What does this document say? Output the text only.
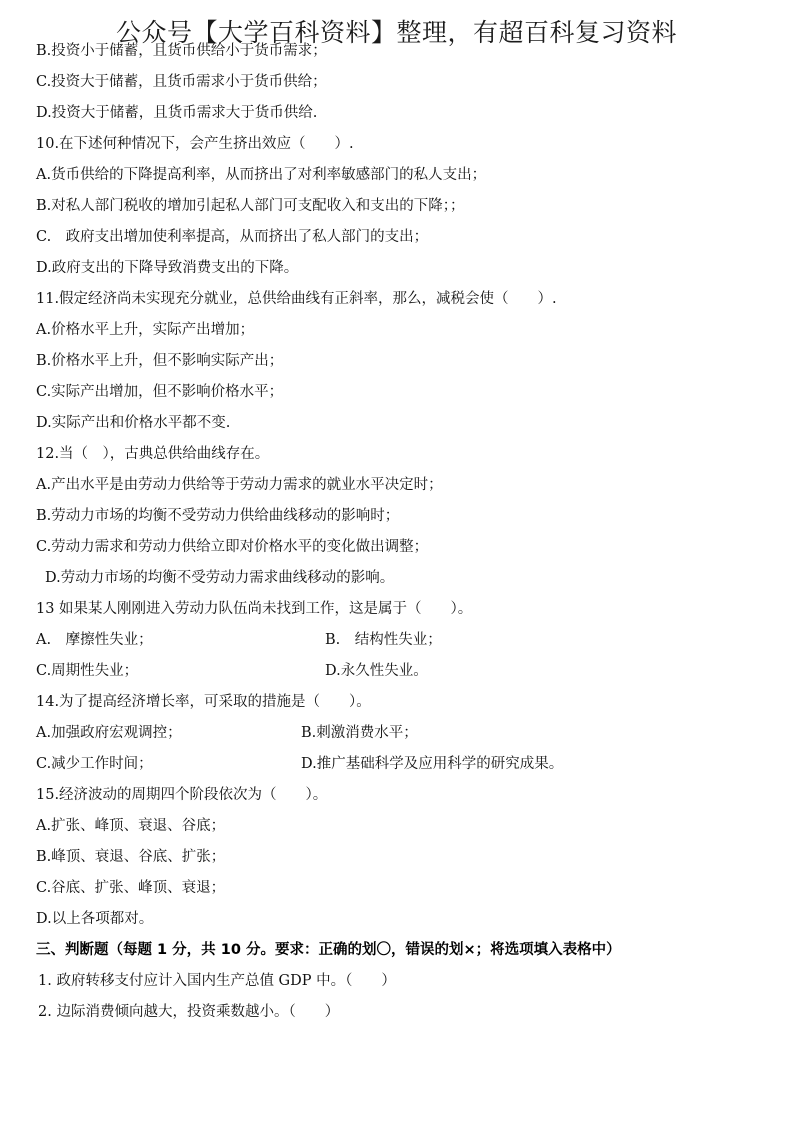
公众号【大学百科资料】整理，有超百科复习资料
B.投资小于储蓄，且货币供给小于货币需求；
C.投资大于储蓄，且货币需求小于货币供给；
D.投资大于储蓄，且货币需求大于货币供给.
10.在下述何种情况下，会产生挤出效应（　　）.
A.货币供给的下降提高利率，从而挤出了对利率敏感部门的私人支出；
B.对私人部门税收的增加引起私人部门可支配收入和支出的下降；；
C.　政府支出增加使利率提高，从而挤出了私人部门的支出；
D.政府支出的下降导致消费支出的下降。
11.假定经济尚未实现充分就业，总供给曲线有正斜率，那么，减税会使（　　）.
A.价格水平上升，实际产出增加；
B.价格水平上升，但不影响实际产出；
C.实际产出增加，但不影响价格水平；
D.实际产出和价格水平都不变.
12.当（　），古典总供给曲线存在。
A.产出水平是由劳动力供给等于劳动力需求的就业水平决定时；
B.劳动力市场的均衡不受劳动力供给曲线移动的影响时；
C.劳动力需求和劳动力供给立即对价格水平的变化做出调整；
D.劳动力市场的均衡不受劳动力需求曲线移动的影响。
13 如果某人刚刚进入劳动力队伍尚未找到工作，这是属于（　　）。
A.　摩擦性失业；	B.　结构性失业；
C.周期性失业；	D.永久性失业。
14.为了提高经济增长率，可采取的措施是（　　）。
A.加强政府宏观调控；	B.刺激消费水平；
C.减少工作时间；	D.推广基础科学及应用科学的研究成果。
15.经济波动的周期四个阶段依次为（　　）。
A.扩张、峰顶、衰退、谷底；
B.峰顶、衰退、谷底、扩张；
C.谷底、扩张、峰顶、衰退；
D.以上各项都对。
三、判断题（每题 1 分，共 10 分。要求：正确的划〇，错误的划×；将选项填入表格中）
1. 政府转移支付应计入国内生产总值 GDP 中。（　　）
2. 边际消费倾向越大，投资乘数越小。（　　）
